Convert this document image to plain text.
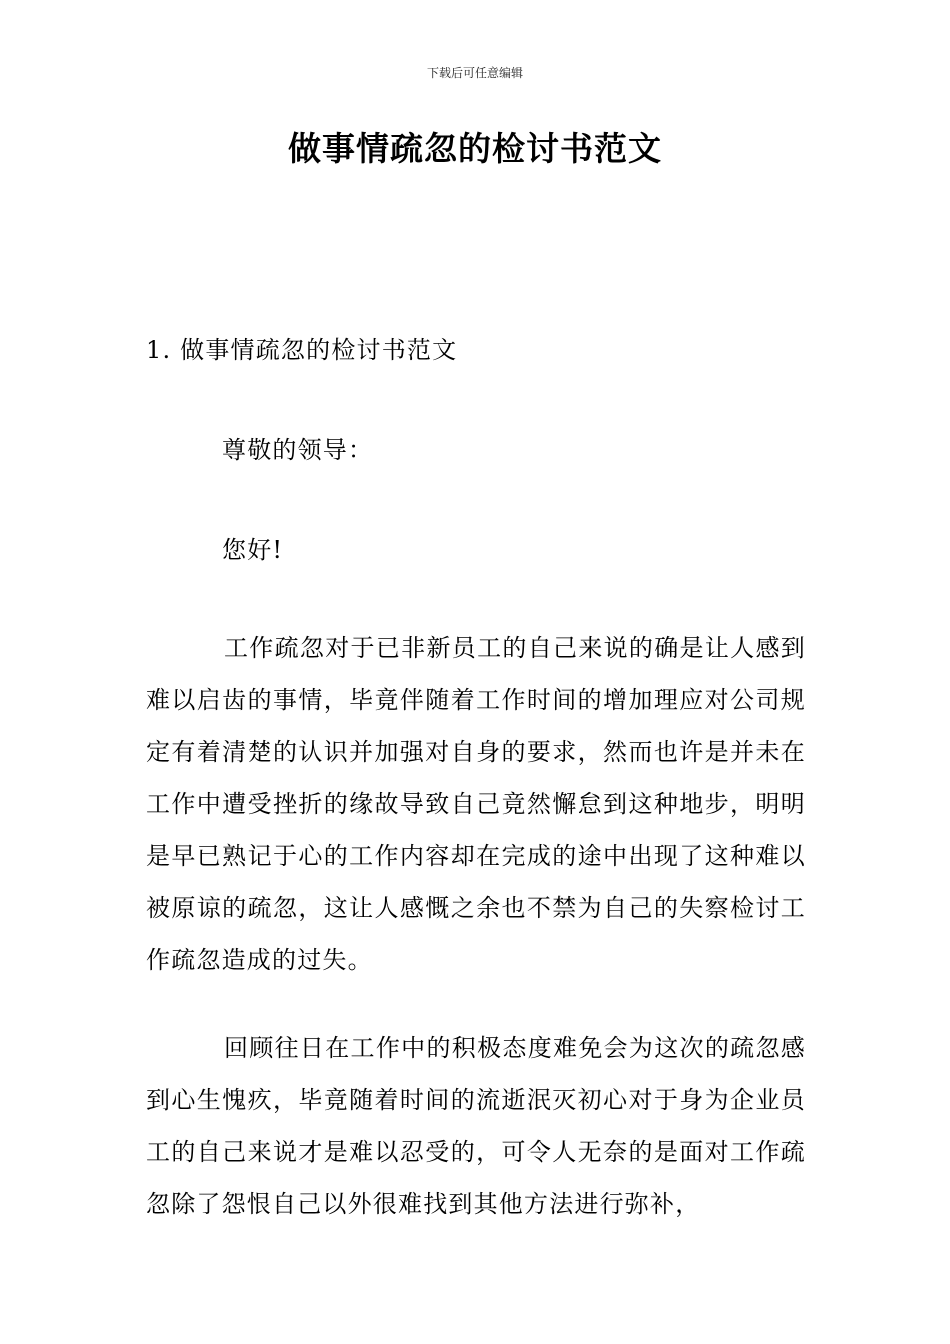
下载后可任意编辑
做事情疏忽的检讨书范文
1. 做事情疏忽的检讨书范文
尊敬的领导：
您好!

工作疏忽对于已非新员工的自己来说的确是让人感到难以启齿的事情，毕竟伴随着工作时间的增加理应对公司规定有着清楚的认识并加强对自身的要求，然而也许是并未在工作中遭受挫折的缘故导致自己竟然懈怠到这种地步，明明是早已熟记于心的工作内容却在完成的途中出现了这种难以被原谅的疏忽，这让人感慨之余也不禁为自己的失察检讨工作疏忽造成的过失。

回顾往日在工作中的积极态度难免会为这次的疏忽感到心生愧疚，毕竟随着时间的流逝泯灭初心对于身为企业员工的自己来说才是难以忍受的，可令人无奈的是面对工作疏忽除了怨恨自己以外很难找到其他方法进行弥补，
